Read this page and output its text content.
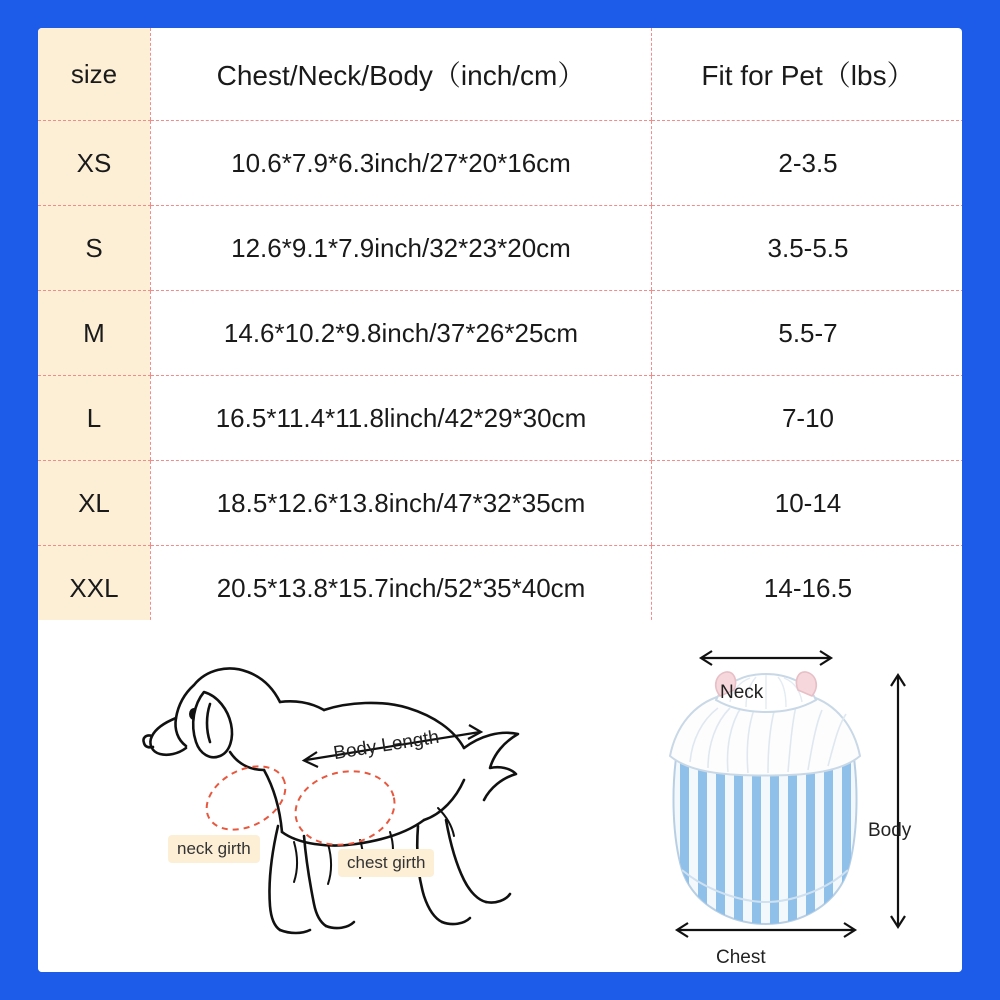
size	Chest/Neck/Body（inch/cm）	Fit for Pet（lbs）
XS	10.6*7.9*6.3inch/27*20*16cm	2-3.5
S	12.6*9.1*7.9inch/32*23*20cm	3.5-5.5
M	14.6*10.2*9.8inch/37*26*25cm	5.5-7
L	16.5*11.4*11.8linch/42*29*30cm	7-10
XL	18.5*12.6*13.8inch/47*32*35cm	10-14
XXL	20.5*13.8*15.7inch/52*35*40cm	14-16.5
Body Length
neck girth
chest girth
Neck
Chest
Body
